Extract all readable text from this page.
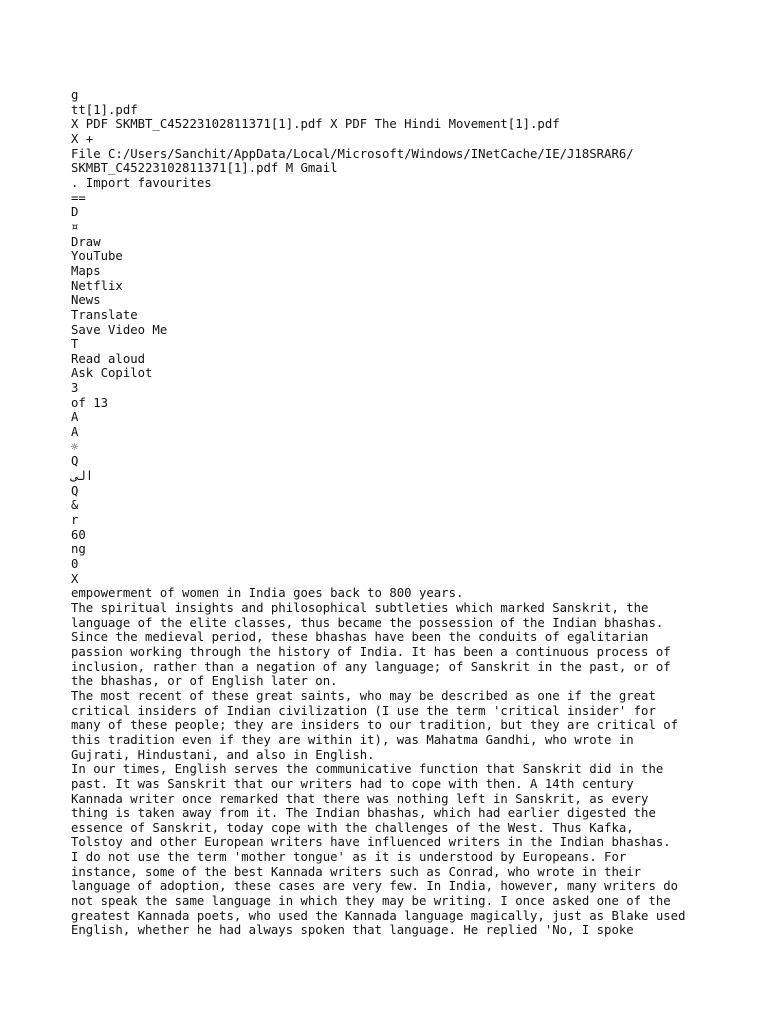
g
tt[1].pdf
X PDF SKMBT_C45223102811371[1].pdf X PDF The Hindi Movement[1].pdf
X +
File C:/Users/Sanchit/AppData/Local/Microsoft/Windows/INetCache/IE/J18SRAR6/
SKMBT_C45223102811371[1].pdf M Gmail
. Import favourites
==
D
¤
Draw
YouTube
Maps
Netflix
News
Translate
Save Video Me
T
Read aloud
Ask Copilot
3
of 13
A
A
☼
Q
الى
Q
&
r
60
ng
0
X
empowerment of women in India goes back to 800 years.
The spiritual insights and philosophical subtleties which marked Sanskrit, the
language of the elite classes, thus became the possession of the Indian bhashas.
Since the medieval period, these bhashas have been the conduits of egalitarian
passion working through the history of India. It has been a continuous process of
inclusion, rather than a negation of any language; of Sanskrit in the past, or of
the bhashas, or of English later on.
The most recent of these great saints, who may be described as one if the great
critical insiders of Indian civilization (I use the term 'critical insider' for
many of these people; they are insiders to our tradition, but they are critical of
this tradition even if they are within it), was Mahatma Gandhi, who wrote in
Gujrati, Hindustani, and also in English.
In our times, English serves the communicative function that Sanskrit did in the
past. It was Sanskrit that our writers had to cope with then. A 14th century
Kannada writer once remarked that there was nothing left in Sanskrit, as every
thing is taken away from it. The Indian bhashas, which had earlier digested the
essence of Sanskrit, today cope with the challenges of the West. Thus Kafka,
Tolstoy and other European writers have influenced writers in the Indian bhashas.
I do not use the term 'mother tongue' as it is understood by Europeans. For
instance, some of the best Kannada writers such as Conrad, who wrote in their
language of adoption, these cases are very few. In India, however, many writers do
not speak the same language in which they may be writing. I once asked one of the
greatest Kannada poets, who used the Kannada language magically, just as Blake used
English, whether he had always spoken that language. He replied 'No, I spoke
